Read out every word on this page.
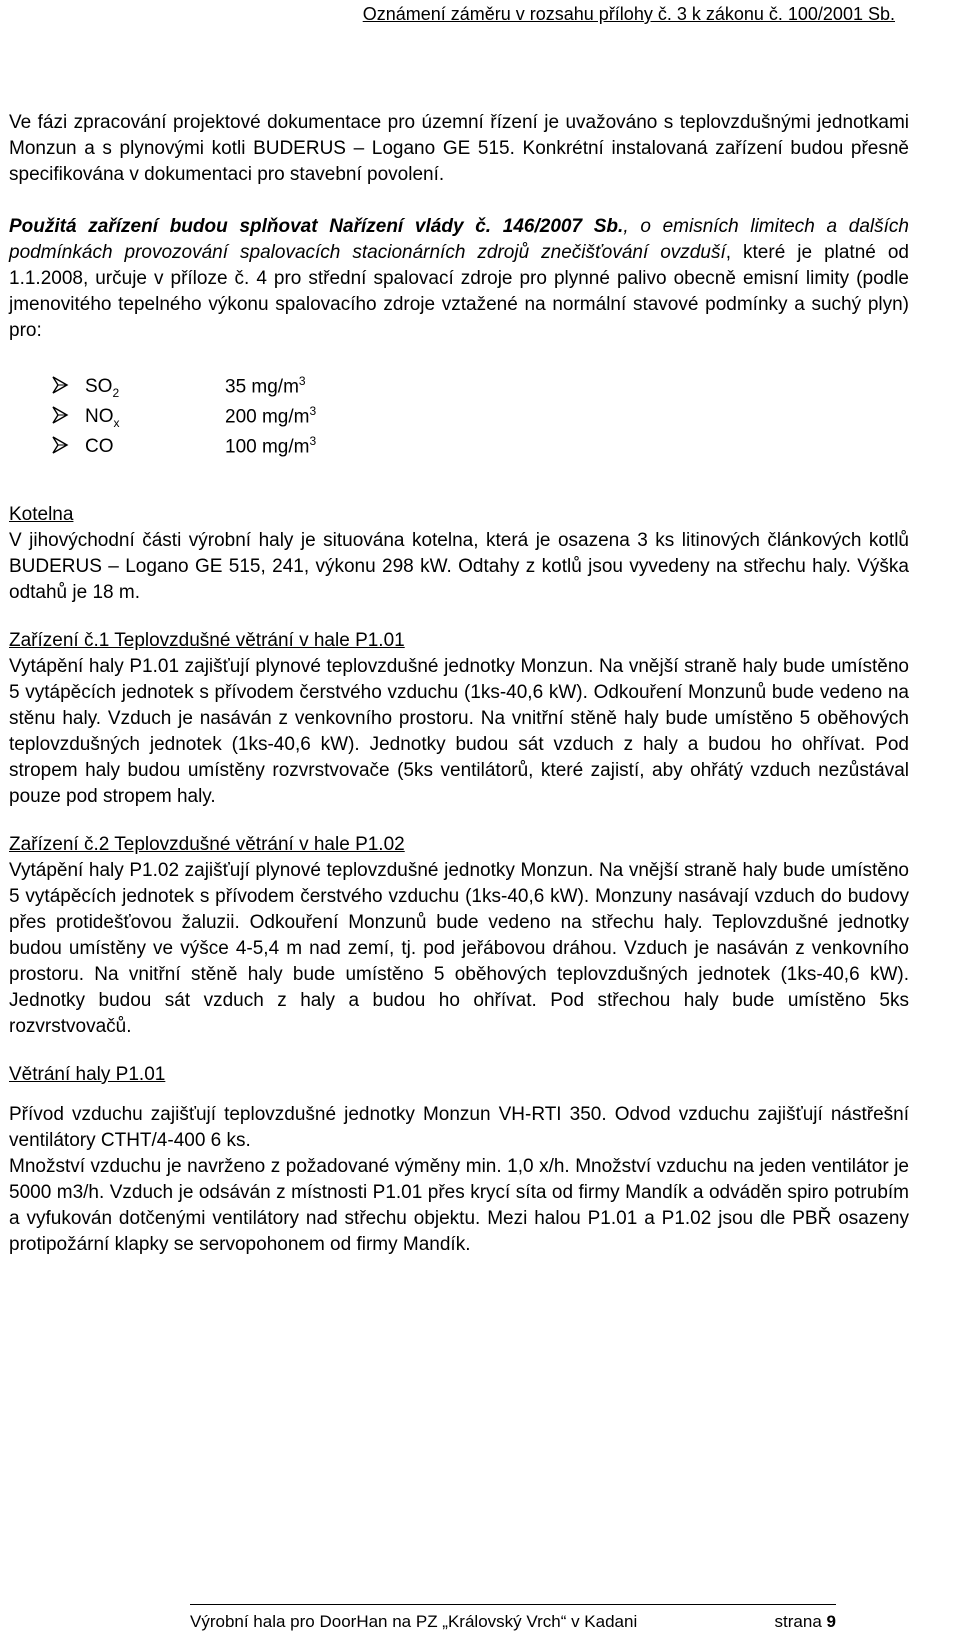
Oznámení záměru v rozsahu přílohy č. 3 k zákonu č. 100/2001 Sb.

Ve fázi zpracování projektové dokumentace pro územní řízení je uvažováno s teplovzdušnými jednotkami Monzun a s plynovými kotli BUDERUS – Logano GE 515. Konkrétní instalovaná zařízení budou přesně specifikována v dokumentaci pro stavební povolení.

Použitá zařízení budou splňovat Nařízení vlády č. 146/2007 Sb., o emisních limitech a dalších podmínkách provozování spalovacích stacionárních zdrojů znečišťování ovzduší, které je platné od 1.1.2008, určuje v příloze č. 4 pro střední spalovací zdroje pro plynné palivo obecně emisní limity (podle jmenovitého tepelného výkonu spalovacího zdroje vztažené na normální stavové podmínky a suchý plyn) pro:

$SO_2$	35 $mg/m^3$
$NO_x$	200 $mg/m^3$
CO	100 $mg/m^3$

Kotelna

V jihovýchodní části výrobní haly je situována kotelna, která je osazena 3 ks litinových článkových kotlů BUDERUS – Logano GE 515, 241, výkonu 298 kW. Odtahy z kotlů jsou vyvedeny na střechu haly. Výška odtahů je 18 m.

Zařízení č.1 Teplovzdušné větrání v hale P1.01

Vytápění haly P1.01 zajišťují plynové teplovzdušné jednotky Monzun. Na vnější straně haly bude umístěno 5 vytápěcích jednotek s přívodem čerstvého vzduchu (1ks-40,6 kW). Odkouření Monzunů bude vedeno na stěnu haly. Vzduch je nasáván z venkovního prostoru. Na vnitřní stěně haly bude umístěno 5 oběhových teplovzdušných jednotek (1ks-40,6 kW). Jednotky budou sát vzduch z haly a budou ho ohřívat. Pod stropem haly budou umístěny rozvrstvovače (5ks ventilátorů, které zajistí, aby ohřátý vzduch nezůstával pouze pod stropem haly.

Zařízení č.2 Teplovzdušné větrání v hale P1.02

Vytápění haly P1.02 zajišťují plynové teplovzdušné jednotky Monzun. Na vnější straně haly bude umístěno 5 vytápěcích jednotek s přívodem čerstvého vzduchu (1ks-40,6 kW). Monzuny nasávají vzduch do budovy přes protidešťovou žaluzii. Odkouření Monzunů bude vedeno na střechu haly. Teplovzdušné jednotky budou umístěny ve výšce 4-5,4 m nad zemí, tj. pod jeřábovou dráhou. Vzduch je nasáván z venkovního prostoru. Na vnitřní stěně haly bude umístěno 5 oběhových teplovzdušných jednotek (1ks-40,6 kW). Jednotky budou sát vzduch z haly a budou ho ohřívat. Pod střechou haly bude umístěno 5ks rozvrstvovačů.

Větrání haly P1.01

Přívod vzduchu zajišťují teplovzdušné jednotky Monzun VH-RTI 350. Odvod vzduchu zajišťují nástřešní ventilátory CTHT/4-400 6 ks.

Množství vzduchu je navrženo z požadované výměny min. 1,0 x/h. Množství vzduchu na jeden ventilátor je 5000 m3/h. Vzduch je odsáván z místnosti P1.01 přes krycí síta od firmy Mandík a odváděn spiro potrubím a vyfukován dotčenými ventilátory nad střechu objektu. Mezi halou P1.01 a P1.02 jsou dle PBŘ osazeny protipožární klapky se servopohonem od firmy Mandík.

Výrobní hala pro DoorHan na PZ „Královský Vrch“ v Kadani	strana 9
